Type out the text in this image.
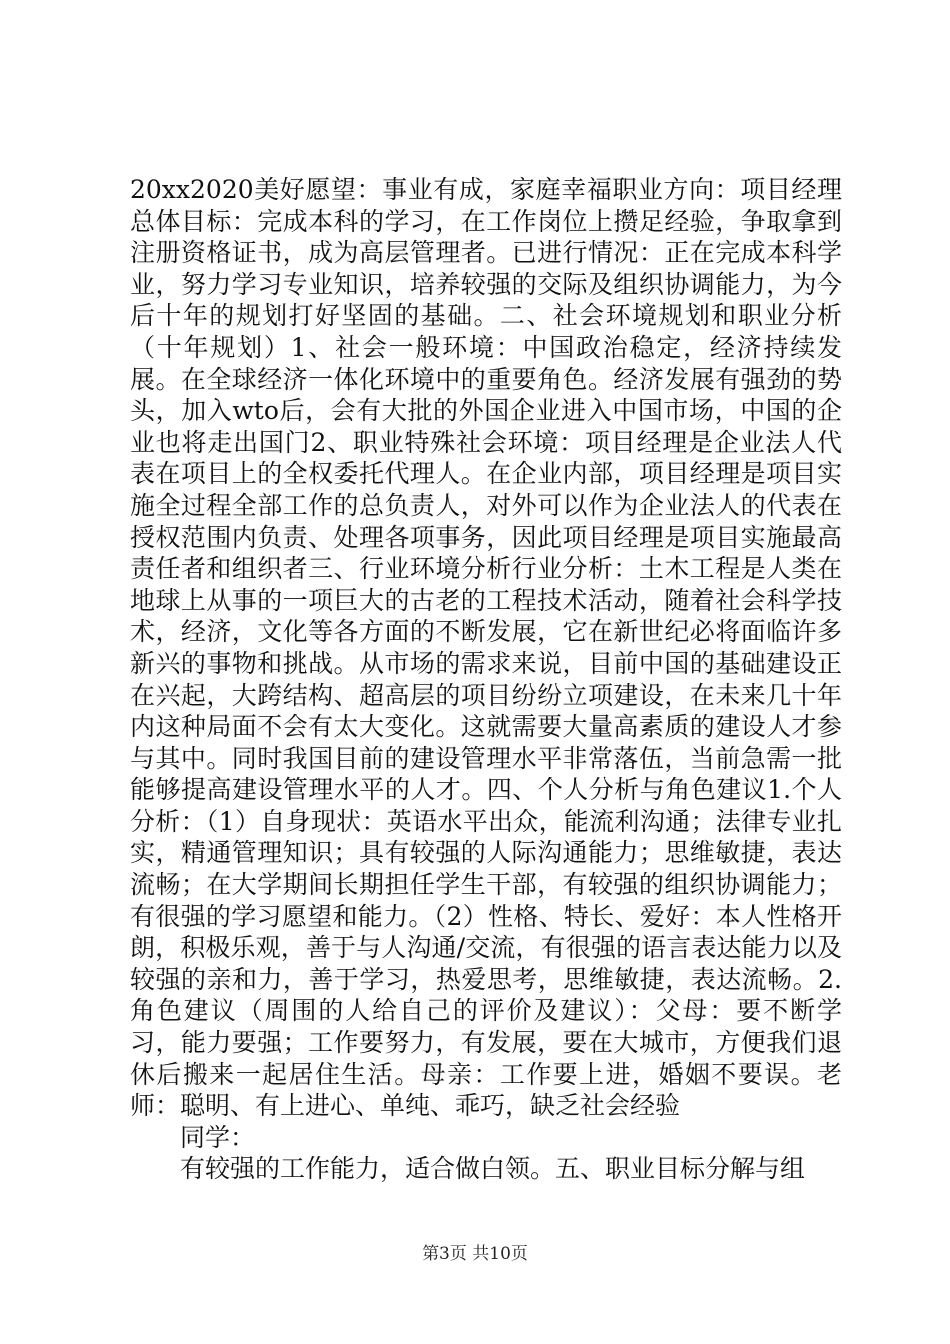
20xx2020美好愿望：事业有成，家庭幸福职业方向：项目经理总体目标：完成本科的学习，在工作岗位上攒足经验，争取拿到注册资格证书，成为高层管理者。已进行情况：正在完成本科学业，努力学习专业知识，培养较强的交际及组织协调能力，为今后十年的规划打好坚固的基础。二、社会环境规划和职业分析（十年规划）1、社会一般环境：中国政治稳定，经济持续发展。在全球经济一体化环境中的重要角色。经济发展有强劲的势头，加入wto后，会有大批的外国企业进入中国市场，中国的企业也将走出国门2、职业特殊社会环境：项目经理是企业法人代表在项目上的全权委托代理人。在企业内部，项目经理是项目实施全过程全部工作的总负责人，对外可以作为企业法人的代表在授权范围内负责、处理各项事务，因此项目经理是项目实施最高责任者和组织者三、行业环境分析行业分析：土木工程是人类在地球上从事的一项巨大的古老的工程技术活动，随着社会科学技术，经济，文化等各方面的不断发展，它在新世纪必将面临许多新兴的事物和挑战。从市场的需求来说，目前中国的基础建设正在兴起，大跨结构、超高层的项目纷纷立项建设，在未来几十年内这种局面不会有太大变化。这就需要大量高素质的建设人才参与其中。同时我国目前的建设管理水平非常落伍，当前急需一批能够提高建设管理水平的人才。四、个人分析与角色建议1.个人分析：（1）自身现状：英语水平出众，能流利沟通；法律专业扎实，精通管理知识；具有较强的人际沟通能力；思维敏捷，表达流畅；在大学期间长期担任学生干部，有较强的组织协调能力；有很强的学习愿望和能力。（2）性格、特长、爱好：本人性格开朗，积极乐观，善于与人沟通/交流，有很强的语言表达能力以及较强的亲和力，善于学习，热爱思考，思维敏捷，表达流畅。2.角色建议（周围的人给自己的评价及建议）：父母：要不断学习，能力要强；工作要努力，有发展，要在大城市，方便我们退休后搬来一起居住生活。母亲：工作要上进，婚姻不要误。老师：聪明、有上进心、单纯、乖巧，缺乏社会经验

同学：

有较强的工作能力，适合做白领。五、职业目标分解与组

第3页 共10页
